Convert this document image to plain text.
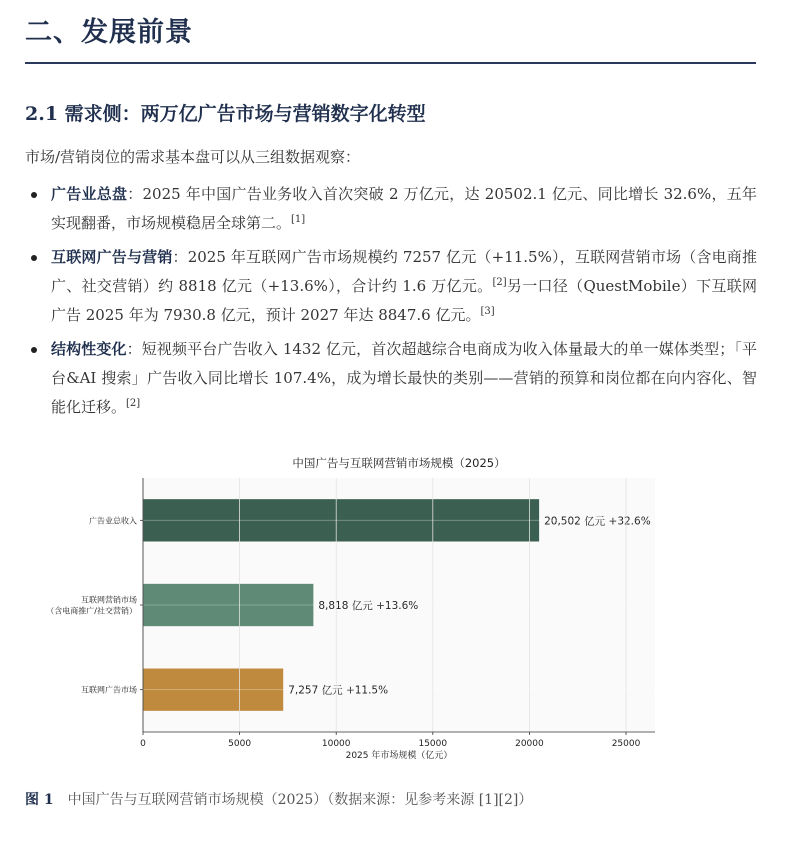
二、发展前景
2.1 需求侧：两万亿广告市场与营销数字化转型
市场/营销岗位的需求基本盘可以从三组数据观察：
广告业总盘：2025 年中国广告业务收入首次突破 2 万亿元，达 20502.1 亿元、同比增长 32.6%，五年实现翻番，市场规模稳居全球第二。[1]
互联网广告与营销：2025 年互联网广告市场规模约 7257 亿元（+11.5%），互联网营销市场（含电商推广、社交营销）约 8818 亿元（+13.6%），合计约 1.6 万亿元。[2]另一口径（QuestMobile）下互联网广告 2025 年为 7930.8 亿元，预计 2027 年达 8847.6 亿元。[3]
结构性变化：短视频平台广告收入 1432 亿元，首次超越综合电商成为收入体量最大的单一媒体类型；「平台&AI 搜索」广告收入同比增长 107.4%，成为增长最快的类别——营销的预算和岗位都在向内容化、智能化迁移。[2]
中国广告与互联网营销市场规模（2025）
20,502 亿元 +32.6%
广告业总收入
8,818 亿元 +13.6%
互联网营销市场
（含电商推广/社交营销）
7,257 亿元 +11.5%
互联网广告市场
0	5000	10000	15000	20000	25000
2025 年市场规模（亿元）
图 1 中国广告与互联网营销市场规模（2025）（数据来源：见参考来源 [1][2]）
